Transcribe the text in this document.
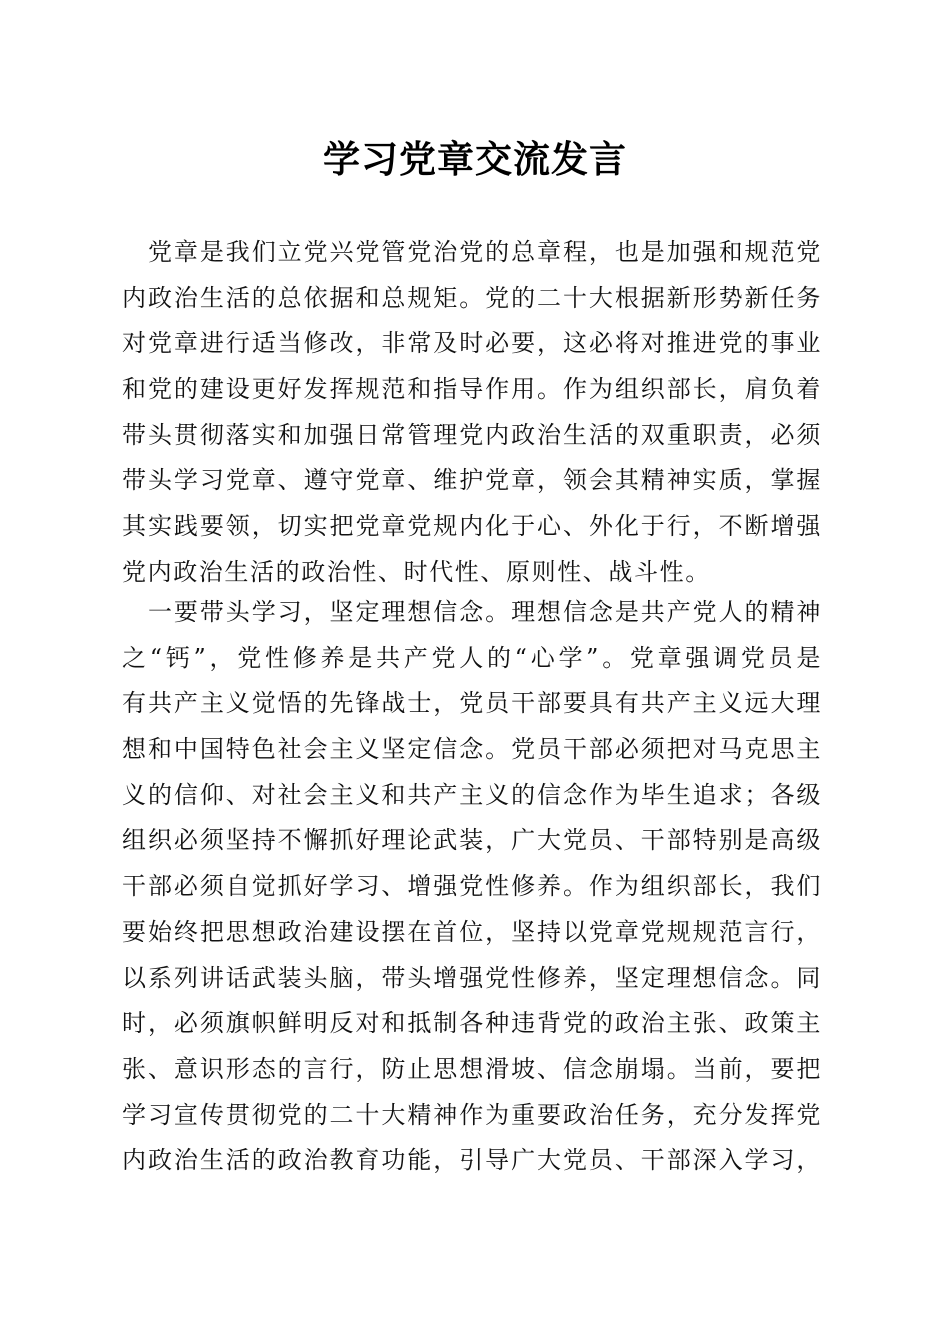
学习党章交流发言
　党章是我们立党兴党管党治党的总章程，也是加强和规范党
内政治生活的总依据和总规矩。党的二十大根据新形势新任务
对党章进行适当修改，非常及时必要，这必将对推进党的事业
和党的建设更好发挥规范和指导作用。作为组织部长，肩负着
带头贯彻落实和加强日常管理党内政治生活的双重职责，必须
带头学习党章、遵守党章、维护党章，领会其精神实质，掌握
其实践要领，切实把党章党规内化于心、外化于行，不断增强
党内政治生活的政治性、时代性、原则性、战斗性。
　一要带头学习，坚定理想信念。理想信念是共产党人的精神
之“钙”，党性修养是共产党人的“心学”。党章强调党员是
有共产主义觉悟的先锋战士，党员干部要具有共产主义远大理
想和中国特色社会主义坚定信念。党员干部必须把对马克思主
义的信仰、对社会主义和共产主义的信念作为毕生追求；各级
组织必须坚持不懈抓好理论武装，广大党员、干部特别是高级
干部必须自觉抓好学习、增强党性修养。作为组织部长，我们
要始终把思想政治建设摆在首位，坚持以党章党规规范言行，
以系列讲话武装头脑，带头增强党性修养，坚定理想信念。同
时，必须旗帜鲜明反对和抵制各种违背党的政治主张、政策主
张、意识形态的言行，防止思想滑坡、信念崩塌。当前，要把
学习宣传贯彻党的二十大精神作为重要政治任务，充分发挥党
内政治生活的政治教育功能，引导广大党员、干部深入学习，
